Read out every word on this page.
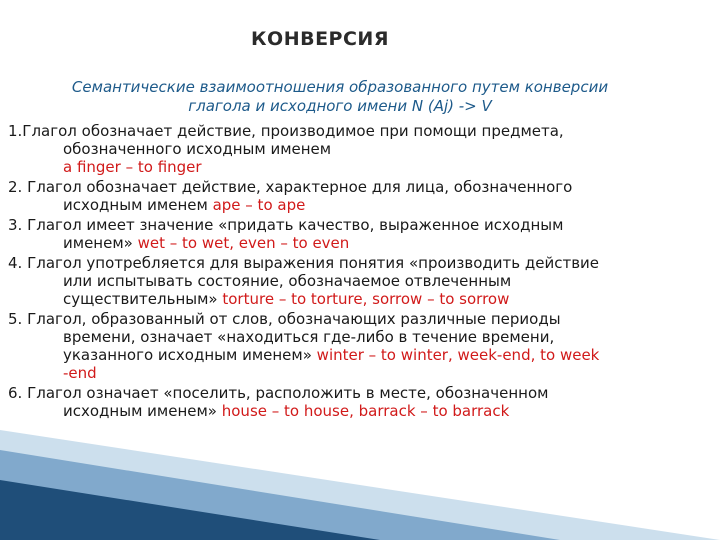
КОНВЕРСИЯ
Семантические взаимоотношения образованного путем конверсии
глагола и исходного имени N (Aj) -> V
1.Глагол обозначает действие, производимое при помощи предмета,
обозначенного исходным именем
a finger – to finger
2. Глагол обозначает действие, характерное для лица, обозначенного
исходным именем ape – to ape
3. Глагол имеет значение «придать качество, выраженное исходным
именем» wet – to wet, even – to even
4. Глагол употребляется для выражения понятия «производить действие
или испытывать состояние, обозначаемое отвлеченным
существительным» torture – to torture, sorrow – to sorrow
5. Глагол, образованный от слов, обозначающих различные периоды
времени, означает «находиться где-либо в течение времени,
указанного исходным именем» winter – to winter, week-end, to week
-end
6. Глагол означает «поселить, расположить в месте, обозначенном
исходным именем» house – to house, barrack – to barrack
